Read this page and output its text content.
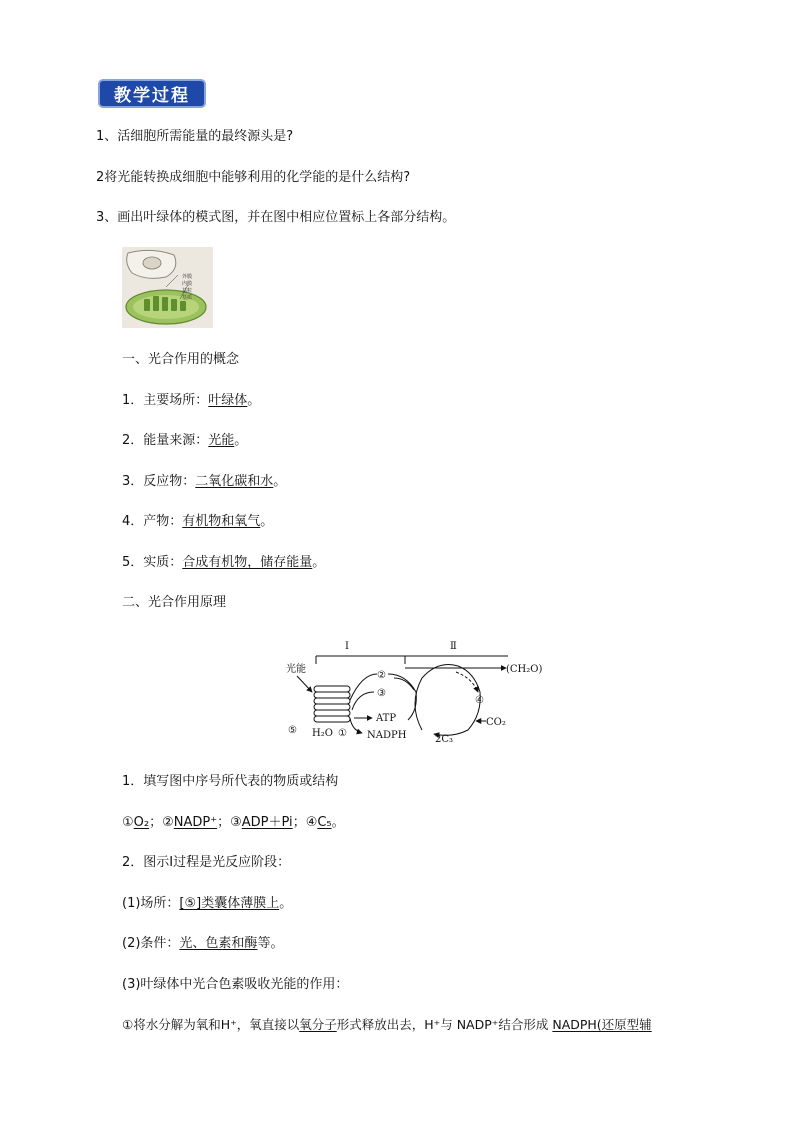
教学过程
1、活细胞所需能量的最终源头是?
2将光能转换成细胞中能够利用的化学能的是什么结构?
3、画出叶绿体的模式图，并在图中相应位置标上各部分结构。
外膜
内膜
基粒
基质
一、光合作用的概念
1．主要场所：叶绿体。
2．能量来源：光能。
3．反应物：二氧化碳和水。
4．产物：有机物和氧气。
5．实质：合成有机物，储存能量。
二、光合作用原理
Ⅰ	Ⅱ
光能
⑤ H₂O ① NADPH
ATP
②
③
(CH₂O)
④
CO₂
2C₃
1．填写图中序号所代表的物质或结构
①O₂；②NADP⁺；③ADP＋Pi；④C₅。
2．图示Ⅰ过程是光反应阶段：
(1)场所：[⑤]类囊体薄膜上。
(2)条件：光、色素和酶等。
(3)叶绿体中光合色素吸收光能的作用：
①将水分解为氧和H⁺，氧直接以氧分子形式释放出去，H⁺与 NADP⁺结合形成 NADPH(还原型辅
